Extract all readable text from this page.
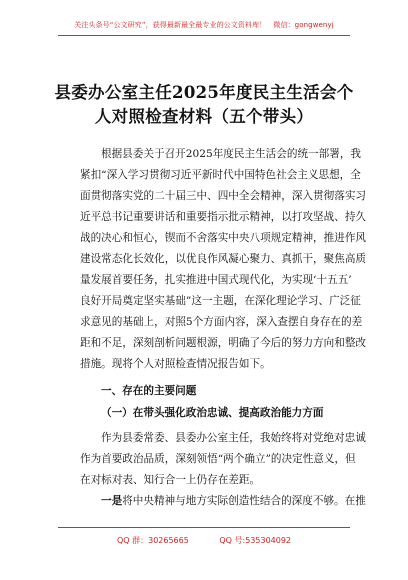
关注头条号“公文研究”，获得最新最全最专业的公文资料库！　微信：gongwenyj
县委办公室主任2025年度民主生活会个
人对照检查材料（五个带头）
根据县委关于召开2025年度民主生活会的统一部署，我
紧扣“深入学习贯彻习近平新时代中国特色社会主义思想，全
面贯彻落实党的二十届三中、四中全会精神，深入贯彻落实习
近平总书记重要讲话和重要指示批示精神，以打攻坚战、持久
战的决心和恒心，锲而不舍落实中央八项规定精神，推进作风
建设常态化长效化，以优良作风凝心聚力、真抓干，聚焦高质
量发展首要任务，扎实推进中国式现代化，为实现‘十五五’
良好开局奠定坚实基础”这一主题，在深化理论学习、广泛征
求意见的基础上，对照5个方面内容，深入查摆自身存在的差
距和不足，深刻剖析问题根源，明确了今后的努力方向和整改
措施。现将个人对照检查情况报告如下。
一、存在的主要问题
（一）在带头强化政治忠诚、提高政治能力方面
作为县委常委、县委办公室主任，我始终将对党绝对忠诚
作为首要政治品质，深刻领悟“两个确立”的决定性意义，但
在对标对表、知行合一上仍存在差距。
一是将中央精神与地方实际创造性结合的深度不够。在推
QQ 群：30265665	QQ 号:535304092
